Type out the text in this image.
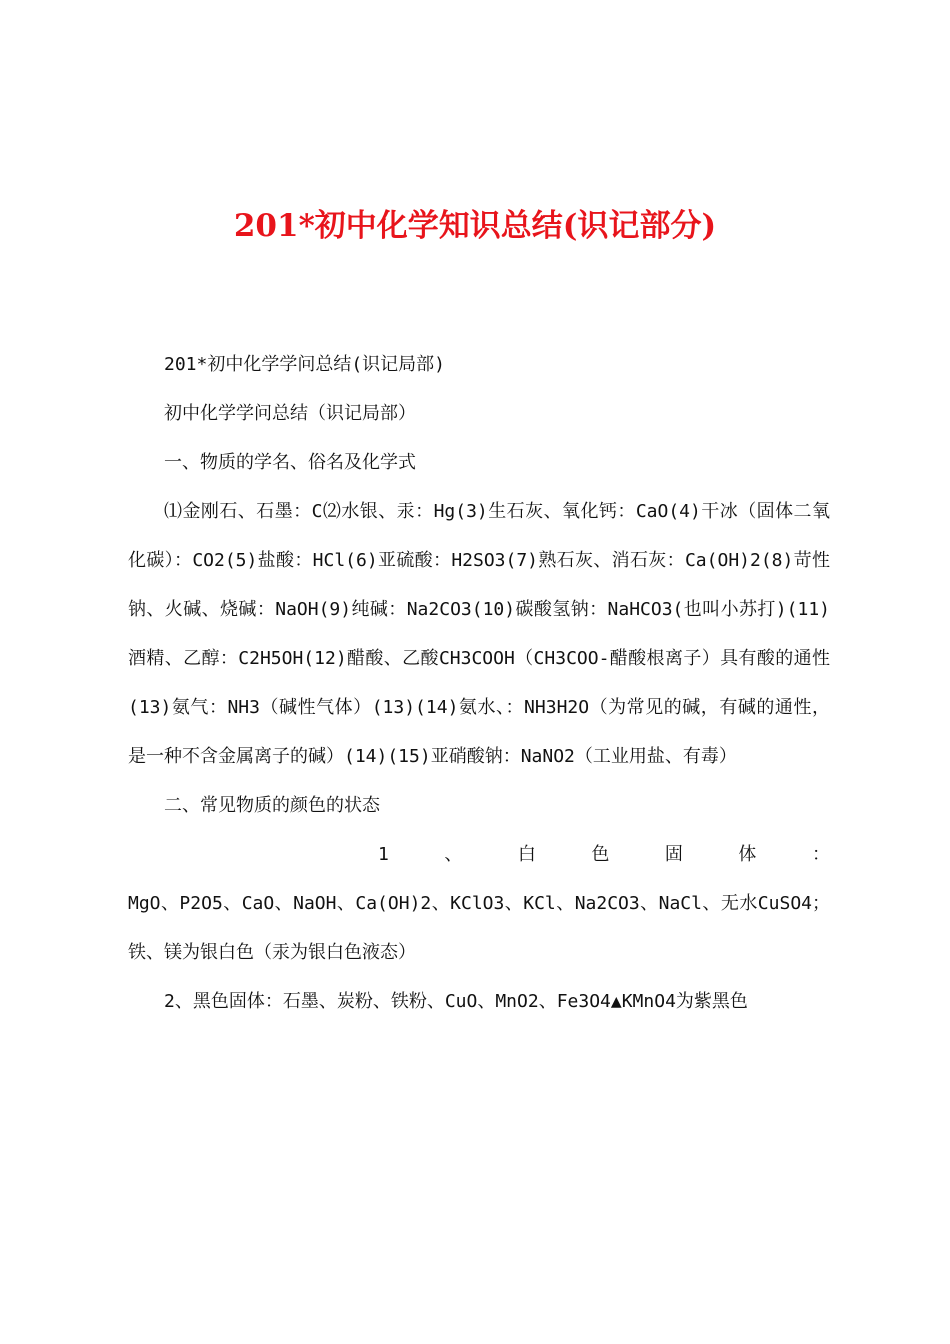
201*初中化学知识总结(识记部分)

201*初中化学学问总结(识记局部)

初中化学学问总结（识记局部）

一、物质的学名、俗名及化学式

⑴金刚石、石墨：C⑵水银、汞：Hg(3)生石灰、氧化钙：CaO(4)干冰（固体二氧化碳）：CO2(5)盐酸：HCl(6)亚硫酸：H2SO3(7)熟石灰、消石灰：Ca(OH)2(8)苛性钠、火碱、烧碱：NaOH(9)纯碱：Na2CO3(10)碳酸氢钠：NaHCO3(也叫小苏打)(11)酒精、乙醇：C2H5OH(12)醋酸、乙酸CH3COOH（CH3COO-醋酸根离子）具有酸的通性(13)氨气：NH3（碱性气体）(13)(14)氨水、：NH3H2O（为常见的碱，有碱的通性，是一种不含金属离子的碱）(14)(15)亚硝酸钠：NaNO2（工业用盐、有毒）

二、常见物质的颜色的状态

1	、	白	色	固	体	：

MgO、P2O5、CaO、NaOH、Ca(OH)2、KClO3、KCl、Na2CO3、NaCl、无水CuSO4；铁、镁为银白色（汞为银白色液态）

2、黑色固体：石墨、炭粉、铁粉、CuO、MnO2、Fe3O4▲KMnO4为紫黑色
